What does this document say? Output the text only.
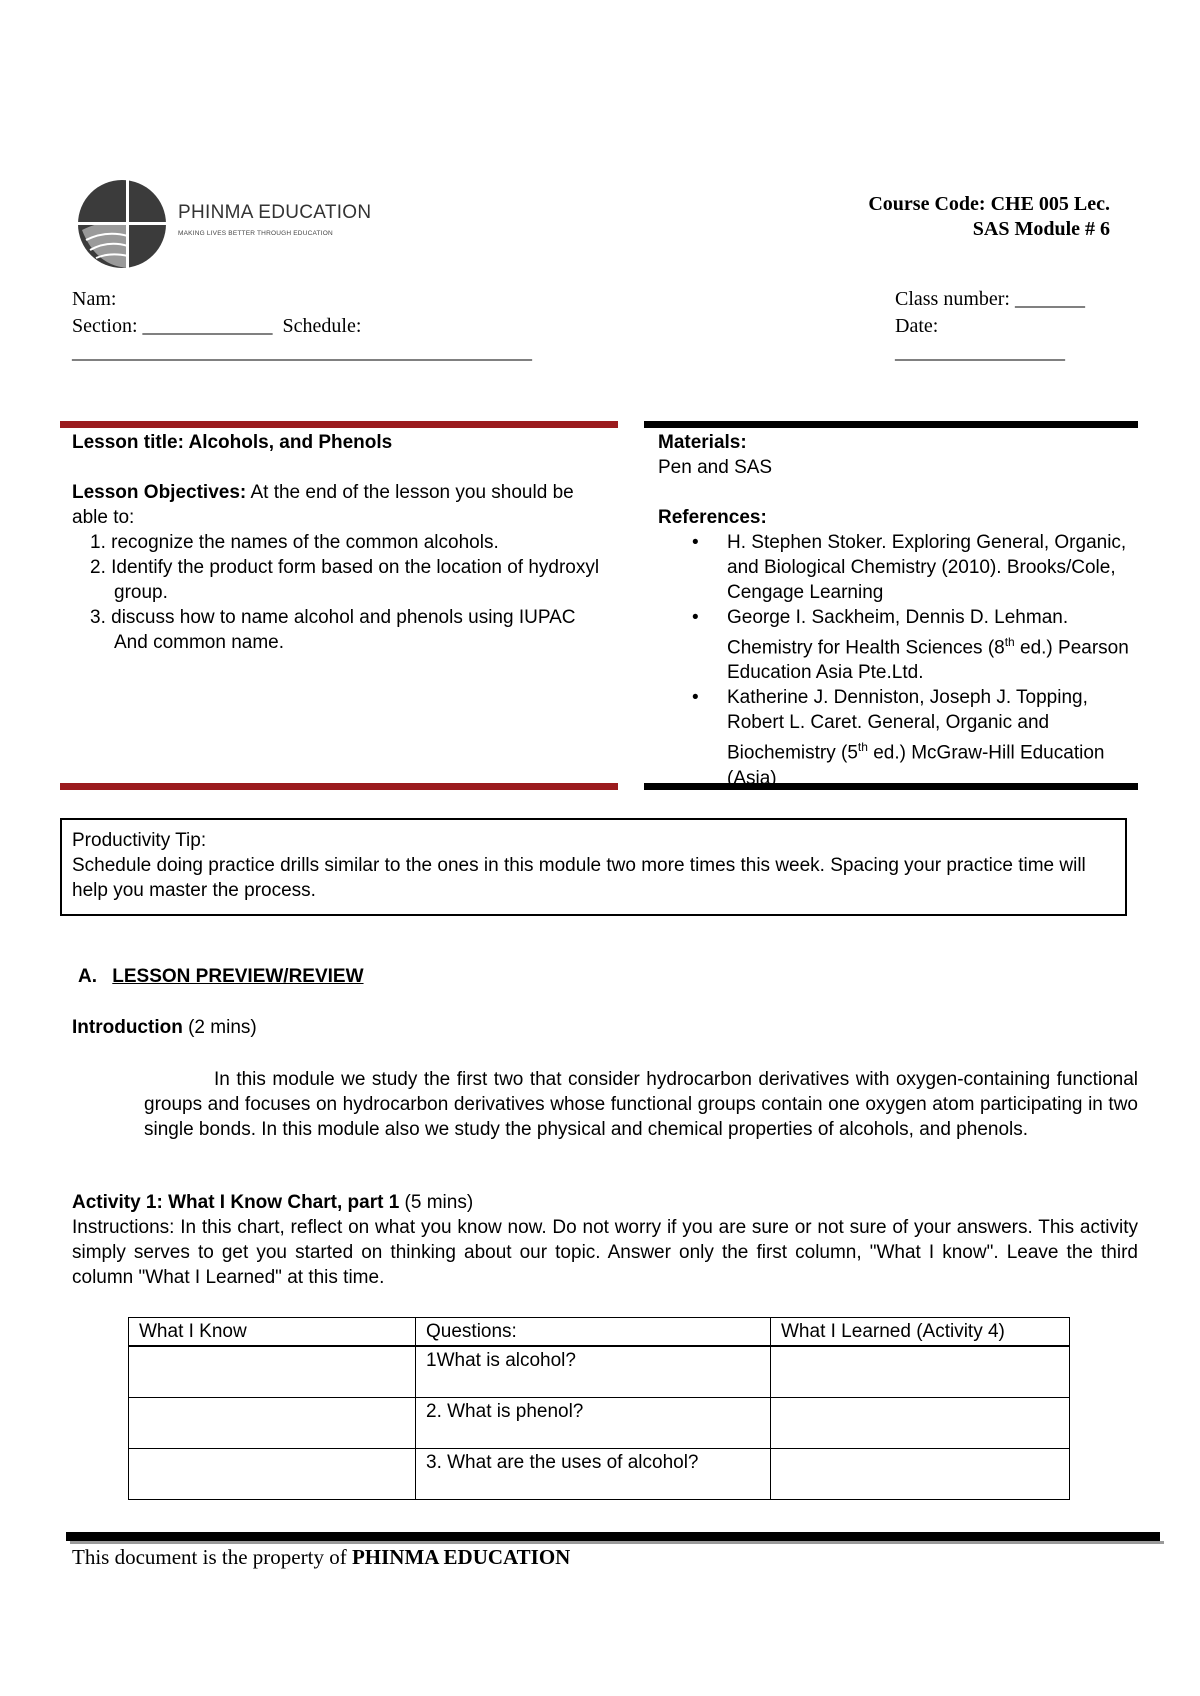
PHINMA EDUCATION
MAKING LIVES BETTER THROUGH EDUCATION
Course Code: CHE 005 Lec.
SAS Module # 6
Nam:
Section: _____________  Schedule:
______________________________________________
Class number: _______
Date:
_________________
Lesson title: Alcohols, and Phenols
Lesson Objectives: At the end of the lesson you should be able to:
1. recognize the names of the common alcohols.
2. Identify the product form based on the location of hydroxyl group.
3. discuss how to name alcohol and phenols using IUPAC And common name.
Materials:
Pen and SAS
References:
• H. Stephen Stoker. Exploring General, Organic, and Biological Chemistry (2010). Brooks/Cole, Cengage Learning
• George I. Sackheim, Dennis D. Lehman. Chemistry for Health Sciences (8th ed.) Pearson Education Asia Pte.Ltd.
• Katherine J. Denniston, Joseph J. Topping, Robert L. Caret. General, Organic and Biochemistry (5th ed.) McGraw-Hill Education (Asia)
Productivity Tip:
Schedule doing practice drills similar to the ones in this module two more times this week. Spacing your practice time will help you master the process.
A. LESSON PREVIEW/REVIEW
Introduction (2 mins)
In this module we study the first two that consider hydrocarbon derivatives with oxygen-containing functional groups and focuses on hydrocarbon derivatives whose functional groups contain one oxygen atom participating in two single bonds. In this module also we study the physical and chemical properties of alcohols, and phenols.
Activity 1: What I Know Chart, part 1 (5 mins)
Instructions: In this chart, reflect on what you know now. Do not worry if you are sure or not sure of your answers. This activity simply serves to get you started on thinking about our topic. Answer only the first column, "What I know". Leave the third column "What I Learned" at this time.
What I Know	Questions:	What I Learned (Activity 4)
	1What is alcohol?	
	2. What is phenol?	
	3. What are the uses of alcohol?	
This document is the property of PHINMA EDUCATION
